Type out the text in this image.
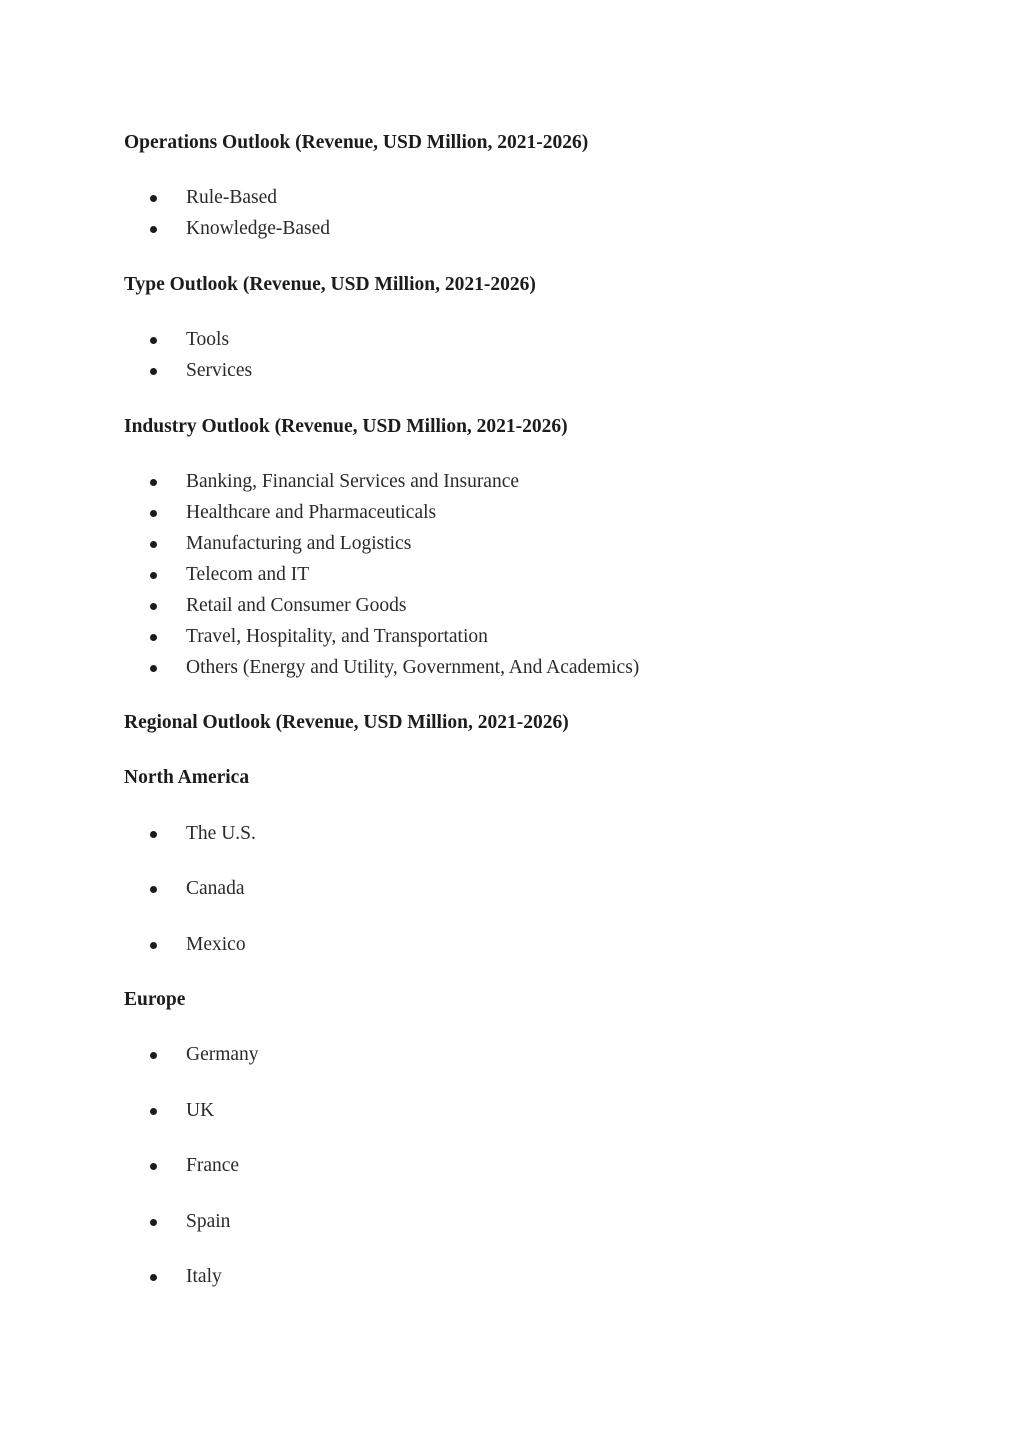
Operations Outlook (Revenue, USD Million, 2021-2026)

Rule-Based
Knowledge-Based

Type Outlook (Revenue, USD Million, 2021-2026)

Tools
Services

Industry Outlook (Revenue, USD Million, 2021-2026)

Banking, Financial Services and Insurance
Healthcare and Pharmaceuticals
Manufacturing and Logistics
Telecom and IT
Retail and Consumer Goods
Travel, Hospitality, and Transportation
Others (Energy and Utility, Government, And Academics)

Regional Outlook (Revenue, USD Million, 2021-2026)

North America

The U.S.
Canada
Mexico

Europe

Germany
UK
France
Spain
Italy
